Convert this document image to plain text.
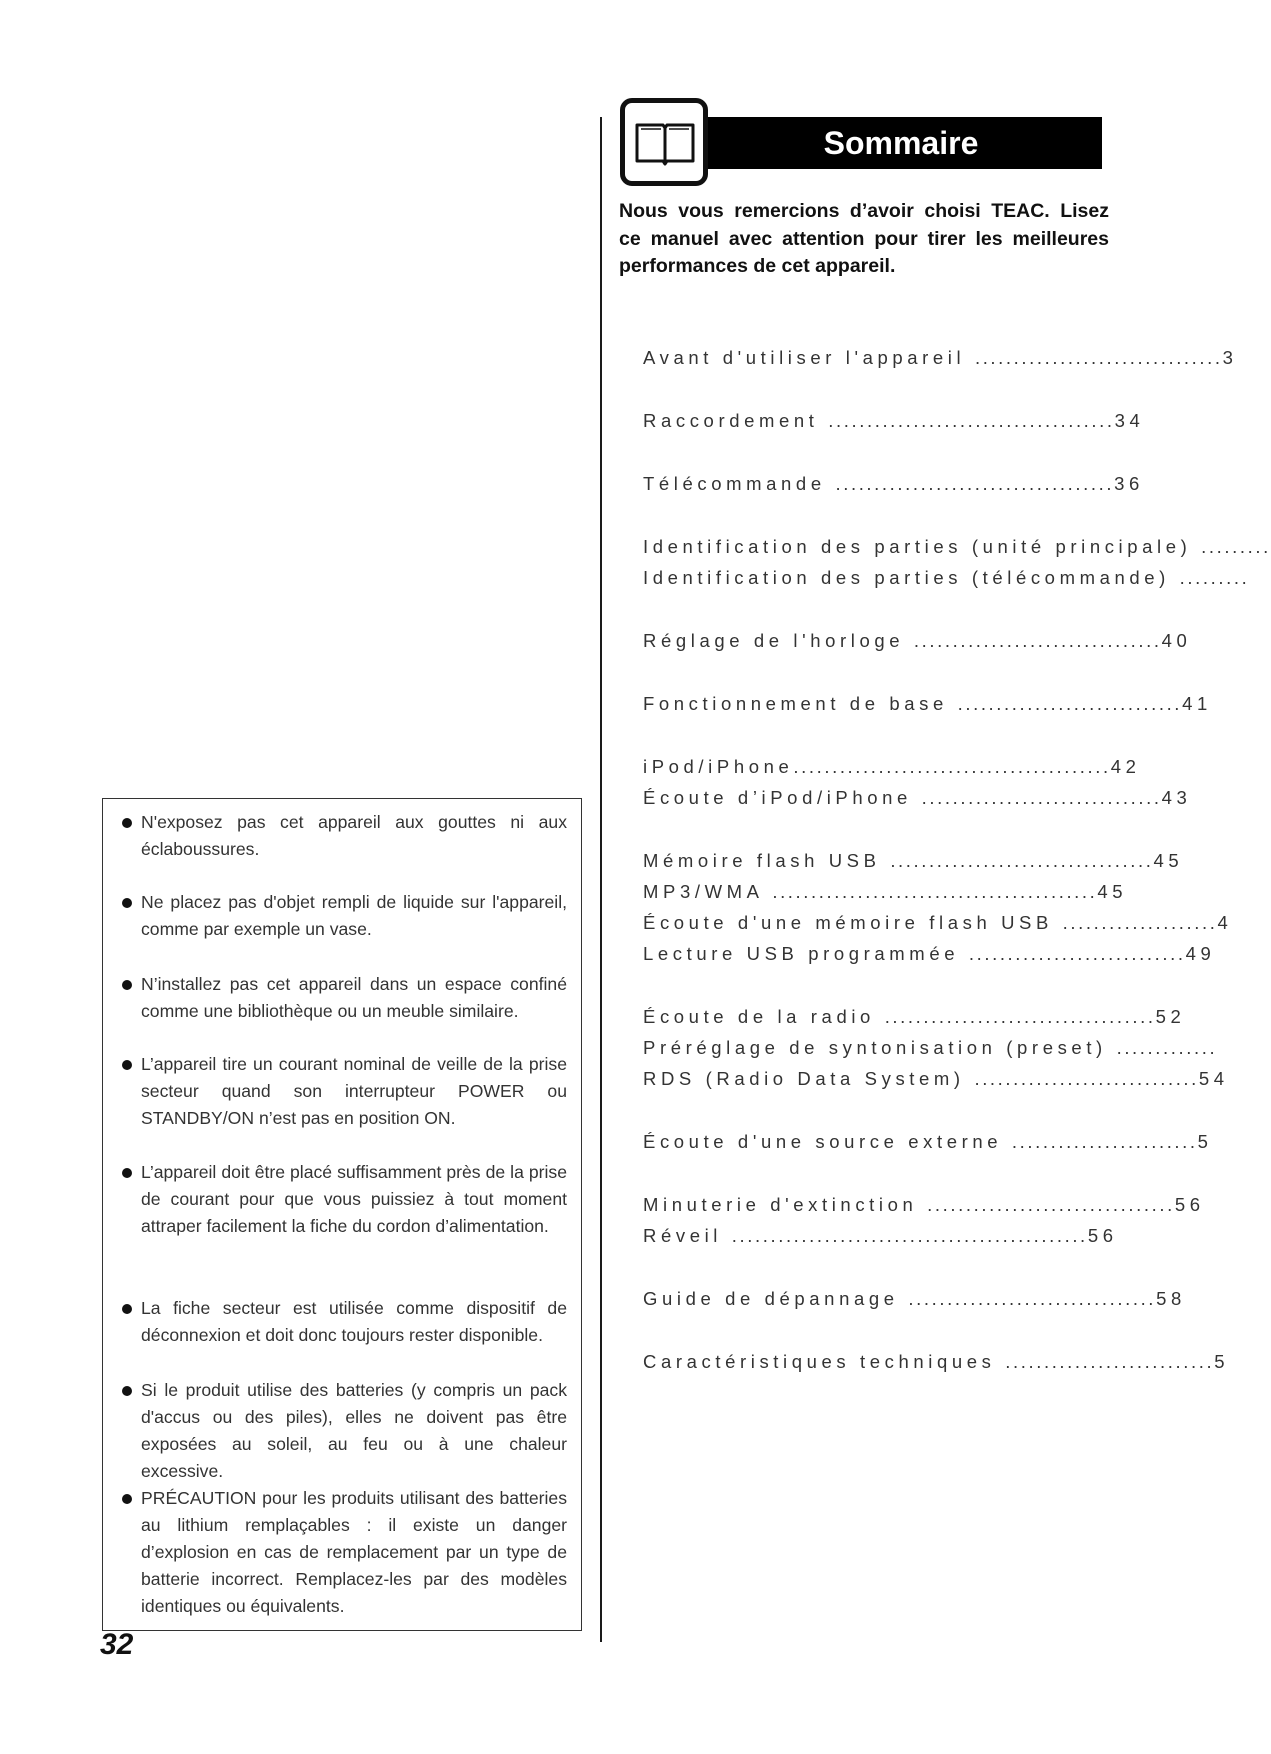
Sommaire
Nous vous remercions d’avoir choisi TEAC. Lisez
ce manuel avec attention pour tirer les meilleures
performances de cet appareil.
Avant d'utiliser l'appareil ................................3
Raccordement .....................................34
Télécommande ....................................36
Identification des parties (unité principale) .........
Identification des parties (télécommande) .........
Réglage de l'horloge ................................40
Fonctionnement de base .............................41
iPod/iPhone.........................................42
Écoute d’iPod/iPhone ...............................43
Mémoire flash USB ..................................45
MP3/WMA ..........................................45
Écoute d'une mémoire flash USB ....................4
Lecture USB programmée ............................49
Écoute de la radio ...................................52
Préréglage de syntonisation (preset) .............
RDS (Radio Data System) .............................54
Écoute d'une source externe ........................5
Minuterie d'extinction ................................56
Réveil ..............................................56
Guide de dépannage ................................58
Caractéristiques techniques ...........................5
N'exposez pas cet appareil aux gouttes ni aux éclaboussures.
Ne placez pas d'objet rempli de liquide sur l'appareil, comme par exemple un vase.
N’installez pas cet appareil dans un espace confiné comme une bibliothèque ou un meuble similaire.
L’appareil tire un courant nominal de veille de la prise secteur quand son interrupteur POWER ou STANDBY/ON n’est pas en position ON.
L’appareil doit être placé suffisamment près de la prise de courant pour que vous puissiez à tout moment attraper facilement la fiche du cordon d’alimentation.
La fiche secteur est utilisée comme dispositif de déconnexion et doit donc toujours rester disponible.
Si le produit utilise des batteries (y compris un pack d'accus ou des piles), elles ne doivent pas être exposées au soleil, au feu ou à une chaleur excessive.
PRÉCAUTION pour les produits utilisant des batteries au lithium remplaçables : il existe un danger d’explosion en cas de remplacement par un type de batterie incorrect. Remplacez-les par des modèles identiques ou équivalents.
32
